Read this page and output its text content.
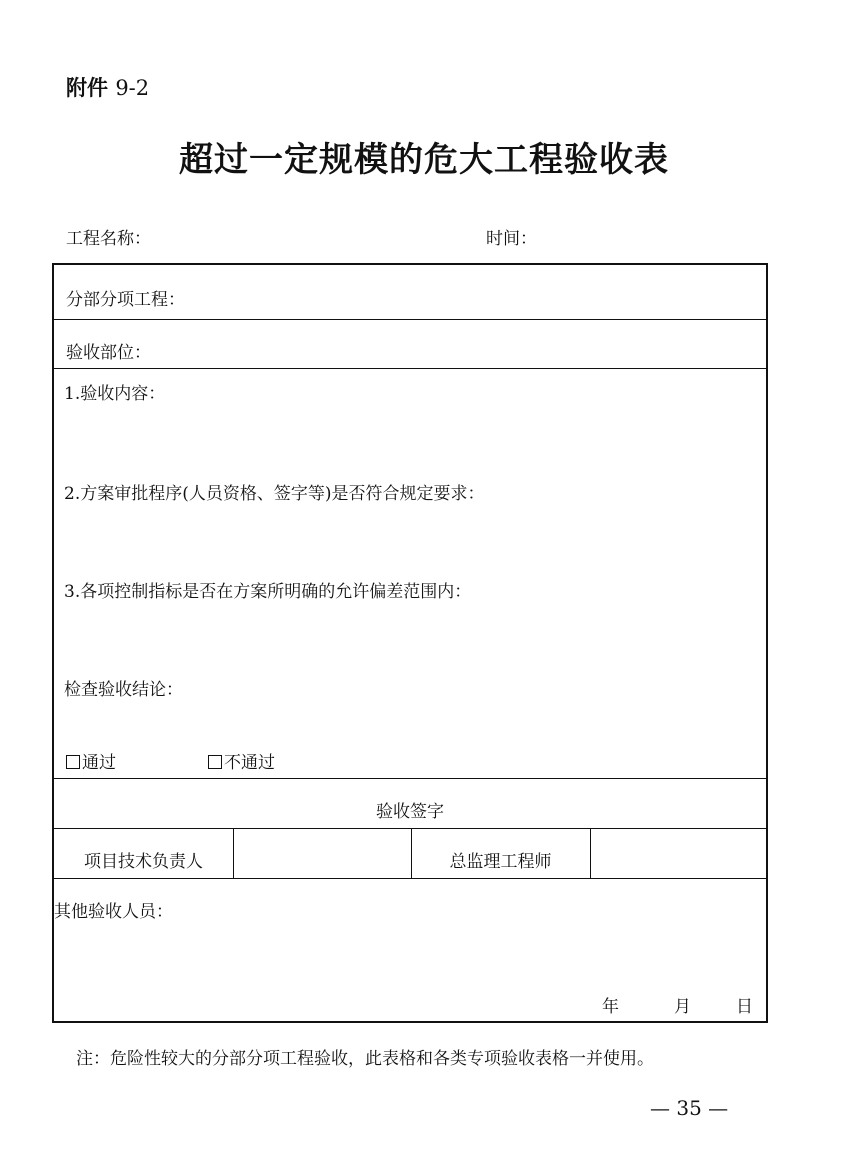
附件 9-2
超过一定规模的危大工程验收表
工程名称：	时间：
分部分项工程：
验收部位：
1.验收内容：
2.方案审批程序(人员资格、签字等)是否符合规定要求：
3.各项控制指标是否在方案所明确的允许偏差范围内：
检查验收结论：
通过	不通过
验收签字
项目技术负责人	总监理工程师
其他验收人员：
年	月	日
注：危险性较大的分部分项工程验收，此表格和各类专项验收表格一并使用。
— 35 —
